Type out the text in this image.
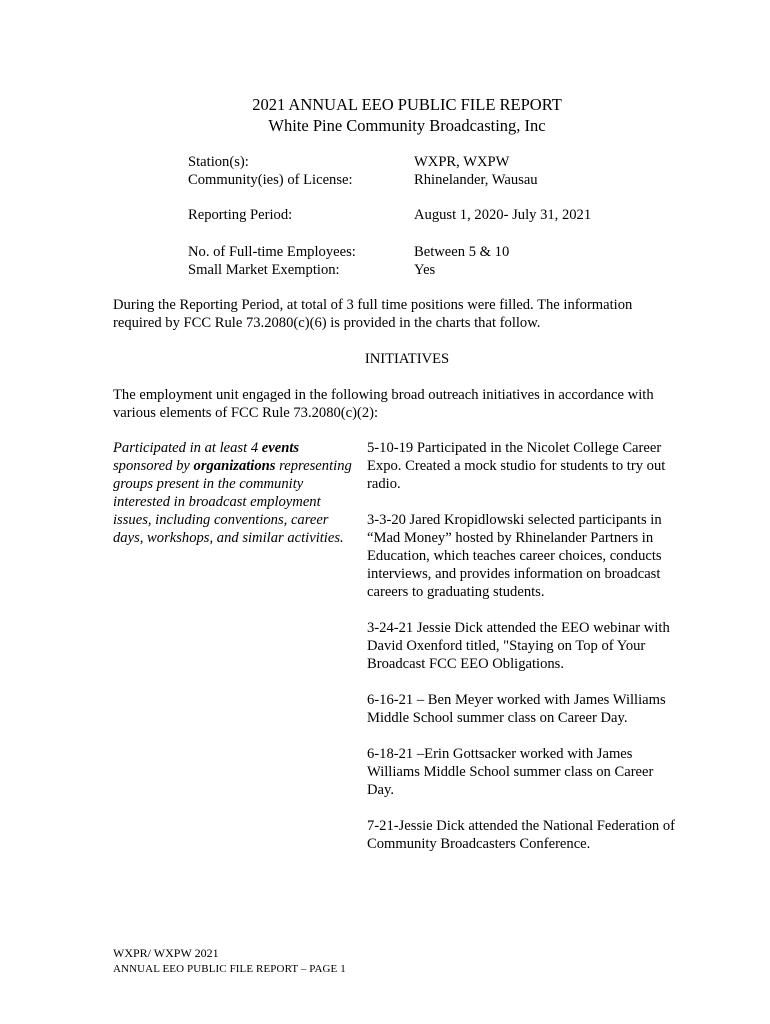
2021 ANNUAL EEO PUBLIC FILE REPORT
White Pine Community Broadcasting, Inc
Station(s):	WXPR, WXPW
Community(ies) of License:	Rhinelander, Wausau
Reporting Period:	August 1, 2020- July 31, 2021
No. of Full-time Employees:	Between 5 & 10
Small Market Exemption:	Yes
During the Reporting Period, at total of 3 full time positions were filled. The information
required by FCC Rule 73.2080(c)(6) is provided in the charts that follow.
INITIATIVES
The employment unit engaged in the following broad outreach initiatives in accordance with
various elements of FCC Rule 73.2080(c)(2):
Participated in at least 4 events sponsored by organizations representing groups present in the community interested in broadcast employment issues, including conventions, career days, workshops, and similar activities.
5-10-19 Participated in the Nicolet College Career Expo. Created a mock studio for students to try out radio.
3-3-20 Jared Kropidlowski selected participants in “Mad Money” hosted by Rhinelander Partners in Education, which teaches career choices, conducts interviews, and provides information on broadcast careers to graduating students.
3-24-21 Jessie Dick attended the EEO webinar with David Oxenford titled, "Staying on Top of Your Broadcast FCC EEO Obligations.
6-16-21 – Ben Meyer worked with James Williams Middle School summer class on Career Day.
6-18-21 –Erin Gottsacker worked with James Williams Middle School summer class on Career Day.
7-21-Jessie Dick attended the National Federation of Community Broadcasters Conference.
WXPR/ WXPW 2021
ANNUAL EEO PUBLIC FILE REPORT – PAGE 1
